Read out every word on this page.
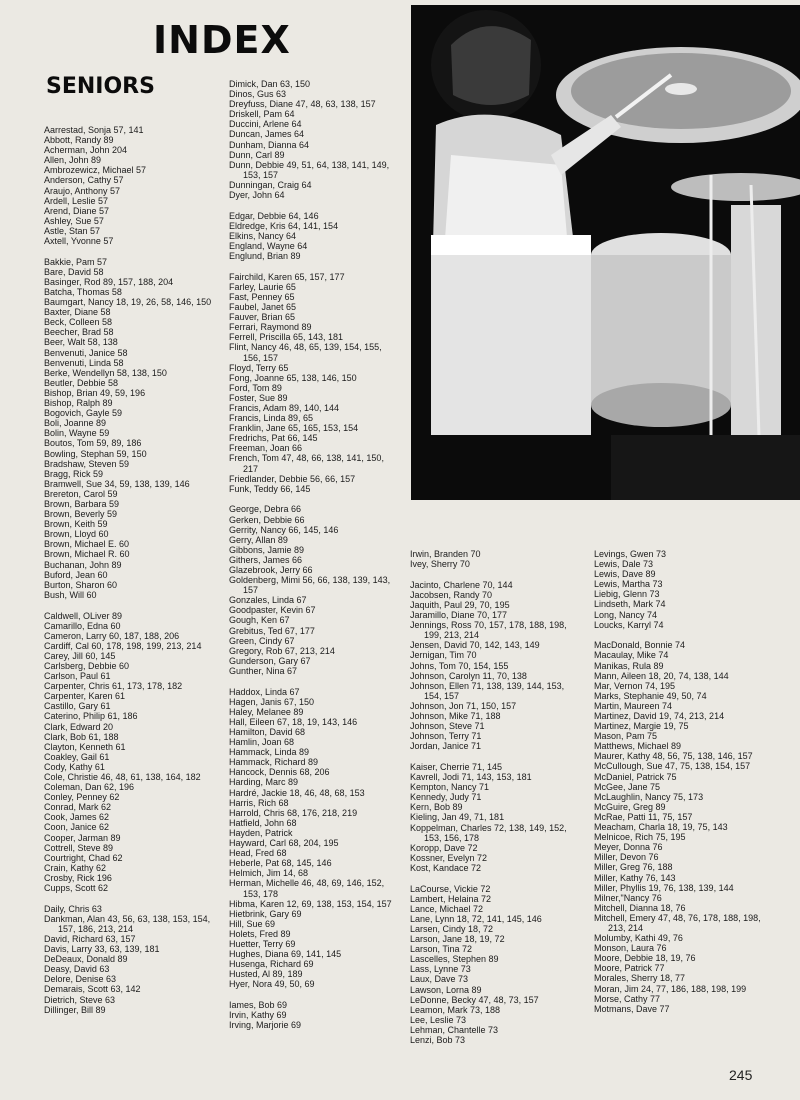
INDEX
SENIORS
Aarrestad, Sonja 57, 141
Abbott, Randy 89
Acherman, John 204
Allen, John 89
Ambrozewicz, Michael 57
Anderson, Cathy 57
Araujo, Anthony 57
Ardell, Leslie 57
Arend, Diane 57
Ashley, Sue 57
Astle, Stan 57
Axtell, Yvonne 57
Bakkie, Pam 57
Bare, David 58
Basinger, Rod 89, 157, 188, 204
Batcha, Thomas 58
Baumgart, Nancy 18, 19, 26, 58, 146, 150
Baxter, Diane 58
Beck, Colleen 58
Beecher, Brad 58
Beer, Walt 58, 138
Benvenuti, Janice 58
Benvenuti, Linda 58
Berke, Wendellyn 58, 138, 150
Beutler, Debbie 58
Bishop, Brian 49, 59, 196
Bishop, Ralph 89
Bogovich, Gayle 59
Boli, Joanne 89
Bolin, Wayne 59
Boutos, Tom 59, 89, 186
Bowling, Stephan 59, 150
Bradshaw, Steven 59
Bragg, Rick 59
Bramwell, Sue 34, 59, 138, 139, 146
Brereton, Carol 59
Brown, Barbara 59
Brown, Beverly 59
Brown, Keith 59
Brown, Lloyd 60
Brown, Michael E. 60
Brown, Michael R. 60
Buchanan, John 89
Buford, Jean 60
Burton, Sharon 60
Bush, Will 60
Caldwell, OLiver 89
Camarillo, Edna 60
Cameron, Larry 60, 187, 188, 206
Cardiff, Cal 60, 178, 198, 199, 213, 214
Carey, Jill 60, 145
Carlsberg, Debbie 60
Carlson, Paul 61
Carpenter, Chris 61, 173, 178, 182
Carpenter, Karen 61
Castillo, Gary 61
Caterino, Philip 61, 186
Clark, Edward 20
Clark, Bob 61, 188
Clayton, Kenneth 61
Coakley, Gail 61
Cody, Kathy 61
Cole, Christie 46, 48, 61, 138, 164, 182
Coleman, Dan 62, 196
Conley, Penney 62
Conrad, Mark 62
Cook, James 62
Coon, Janice 62
Cooper, Jarman 89
Cottrell, Steve 89
Courtright, Chad 62
Crain, Kathy 62
Crosby, Rick 196
Cupps, Scott 62
Daily, Chris 63
Dankman, Alan 43, 56, 63, 138, 153, 154, 157, 186, 213, 214
David, Richard 63, 157
Davis, Larry 33, 63, 139, 181
DeDeaux, Donald 89
Deasy, David 63
Delore, Denise 63
Demarais, Scott 63, 142
Dietrich, Steve 63
Dillinger, Bill 89
Dimick, Dan 63, 150
Dinos, Gus 63
Dreyfuss, Diane 47, 48, 63, 138, 157
Driskell, Pam 64
Duccini, Arlene 64
Duncan, James 64
Dunham, Dianna 64
Dunn, Carl 89
Dunn, Debbie 49, 51, 64, 138, 141, 149, 153, 157
Dunningan, Craig 64
Dyer, John 64
Edgar, Debbie 64, 146
Eldredge, Kris 64, 141, 154
Elkins, Nancy 64
England, Wayne 64
Englund, Brian 89
Fairchild, Karen 65, 157, 177
Farley, Laurie 65
Fast, Penney 65
Faubel, Janet 65
Fauver, Brian 65
Ferrari, Raymond 89
Ferrell, Priscilla 65, 143, 181
Flint, Nancy 46, 48, 65, 139, 154, 155, 156, 157
Floyd, Terry 65
Fong, Joanne 65, 138, 146, 150
Ford, Tom 89
Foster, Sue 89
Francis, Adam 89, 140, 144
Francis, Linda 89, 65
Franklin, Jane 65, 165, 153, 154
Fredrichs, Pat 66, 145
Freeman, Joan 66
French, Tom 47, 48, 66, 138, 141, 150, 217
Friedlander, Debbie 56, 66, 157
Funk, Teddy 66, 145
George, Debra 66
Gerken, Debbie 66
Gerrity, Nancy 66, 145, 146
Gerry, Allan 89
Gibbons, Jamie 89
Githers, James 66
Glazebrook, Jerry 66
Goldenberg, Mimi 56, 66, 138, 139, 143, 157
Gonzales, Linda 67
Goodpaster, Kevin 67
Gough, Ken 67
Grebitus, Ted 67, 177
Green, Cindy 67
Gregory, Rob 67, 213, 214
Gunderson, Gary 67
Gunther, Nina 67
Haddox, Linda 67
Hagen, Janis 67, 150
Haley, Melanee 89
Hall, Eileen 67, 18, 19, 143, 146
Hamilton, David 68
Hamlin, Joan 68
Hammack, Linda 89
Hammack, Richard 89
Hancock, Dennis 68, 206
Harding, Marc 89
Hardré, Jackie 18, 46, 48, 68, 153
Harris, Rich 68
Harrold, Chris 68, 176, 218, 219
Hatfield, John 68
Hayden, Patrick
Hayward, Carl 68, 204, 195
Head, Fred 68
Heberle, Pat 68, 145, 146
Helmich, Jim 14, 68
Herman, Michelle 46, 48, 69, 146, 152, 153, 178
Hibma, Karen 12, 69, 138, 153, 154, 157
Hietbrink, Gary 69
Hill, Sue 69
Holets, Fred 89
Huetter, Terry 69
Hughes, Diana 69, 141, 145
Husenga, Richard 69
Husted, Al 89, 189
Hyer, Nora 49, 50, 69
Iames, Bob 69
Irvin, Kathy 69
Irving, Marjorie 69
Irwin, Branden 70
Ivey, Sherry 70
Jacinto, Charlene 70, 144
Jacobsen, Randy 70
Jaquith, Paul 29, 70, 195
Jaramillo, Diane 70, 177
Jennings, Ross 70, 157, 178, 188, 198, 199, 213, 214
Jensen, David 70, 142, 143, 149
Jernigan, Tim 70
Johns, Tom 70, 154, 155
Johnson, Carolyn 11, 70, 138
Johnson, Ellen 71, 138, 139, 144, 153, 154, 157
Johnson, Jon 71, 150, 157
Johnson, Mike 71, 188
Johnson, Steve 71
Johnson, Terry 71
Jordan, Janice 71
Kaiser, Cherrie 71, 145
Kavrell, Jodi 71, 143, 153, 181
Kempton, Nancy 71
Kennedy, Judy 71
Kern, Bob 89
Kieling, Jan 49, 71, 181
Koppelman, Charles 72, 138, 149, 152, 153, 156, 178
Koropp, Dave 72
Kossner, Evelyn 72
Kost, Kandace 72
LaCourse, Vickie 72
Lambert, Helaina 72
Lance, Michael 72
Lane, Lynn 18, 72, 141, 145, 146
Larsen, Cindy 18, 72
Larson, Jane 18, 19, 72
Larson, Tina 72
Lascelles, Stephen 89
Lass, Lynne 73
Laux, Dave 73
Lawson, Lorna 89
LeDonne, Becky 47, 48, 73, 157
Leamon, Mark 73, 188
Lee, Leslie 73
Lehman, Chantelle 73
Lenzi, Bob 73
Levings, Gwen 73
Lewis, Dale 73
Lewis, Dave 89
Lewis, Martha 73
Liebig, Glenn 73
Lindseth, Mark 74
Long, Nancy 74
Loucks, Karryl 74
MacDonald, Bonnie 74
Macaulay, Mike 74
Manikas, Rula 89
Mann, Aileen 18, 20, 74, 138, 144
Mar, Vernon 74, 195
Marks, Stephanie 49, 50, 74
Martin, Maureen 74
Martinez, David 19, 74, 213, 214
Martinez, Margie 19, 75
Mason, Pam 75
Matthews, Michael 89
Maurer, Kathy 48, 56, 75, 138, 146, 157
McCullough, Sue 47, 75, 138, 154, 157
McDaniel, Patrick 75
McGee, Jane 75
McLaughlin, Nancy 75, 173
McGuire, Greg 89
McRae, Patti 11, 75, 157
Meacham, Charla 18, 19, 75, 143
Melnicoe, Rich 75, 195
Meyer, Donna 76
Miller, Devon 76
Miller, Greg 76, 188
Miller, Kathy 76, 143
Miller, Phyllis 19, 76, 138, 139, 144
Milner,"Nancy 76
Mitchell, Dianna 18, 76
Mitchell, Emery 47, 48, 76, 178, 188, 198, 213, 214
Molumby, Kathi 49, 76
Monson, Laura 76
Moore, Debbie 18, 19, 76
Moore, Patrick 77
Morales, Sherry 18, 77
Moran, Jim 24, 77, 186, 188, 198, 199
Morse, Cathy 77
Motmans, Dave 77
245
